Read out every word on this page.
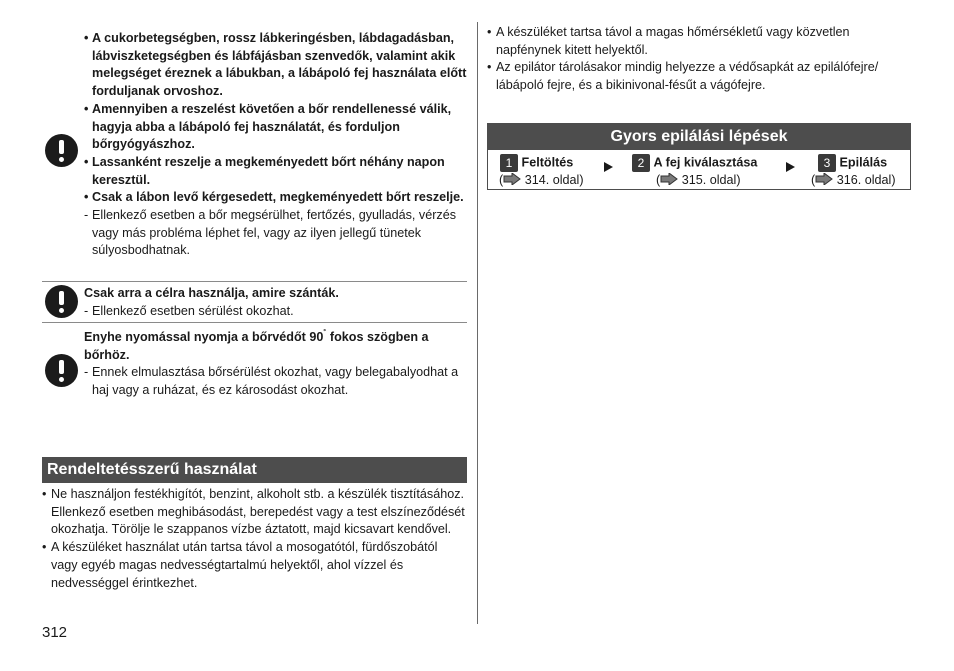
• A cukorbetegségben, rossz lábkeringésben, lábdagadásban, lábviszketegségben és lábfájásban szenvedők, valamint akik melegséget éreznek a lábukban, a lábápoló fej használata előtt forduljanak orvoshoz.
• Amennyiben a reszelést követően a bőr rendellenessé válik, hagyja abba a lábápoló fej használatát, és forduljon bőrgyógyászhoz.
• Lassanként reszelje a megkeményedett bőrt néhány napon keresztül.
• Csak a lábon levő kérgesedett, megkeményedett bőrt reszelje.
- Ellenkező esetben a bőr megsérülhet, fertőzés, gyulladás, vérzés vagy más probléma léphet fel, vagy az ilyen jellegű tünetek súlyosbodhatnak.
Csak arra a célra használja, amire szánták.
- Ellenkező esetben sérülést okozhat.
Enyhe nyomással nyomja a bőrvédőt 90˚ fokos szögben a bőrhöz.
- Ennek elmulasztása bőrsérülést okozhat, vagy belegabalyodhat a haj vagy a ruházat, és ez károsodást okozhat.
Rendeltetésszerű használat
• Ne használjon festékhigítót, benzint, alkoholt stb. a készülék tisztításához. Ellenkező esetben meghibásodást, berepedést vagy a test elszíneződését okozhatja. Törölje le szappanos vízbe áztatott, majd kicsavart kendővel.
• A készüléket használat után tartsa távol a mosogatótól, fürdőszobától vagy egyéb magas nedvességtartalmú helyektől, ahol vízzel és nedvességgel érintkezhet.
312
• A készüléket tartsa távol a magas hőmérsékletű vagy közvetlen napfénynek kitett helyektől.
• Az epilátor tárolásakor mindig helyezze a védősapkát az epilálófejre/ lábápoló fejre, és a bikinivonal-fésűt a vágófejre.
Gyors epilálási lépések
1 Feltöltés
( 314. oldal)
2 A fej kiválasztása
( 315. oldal)
3 Epilálás
( 316. oldal)
